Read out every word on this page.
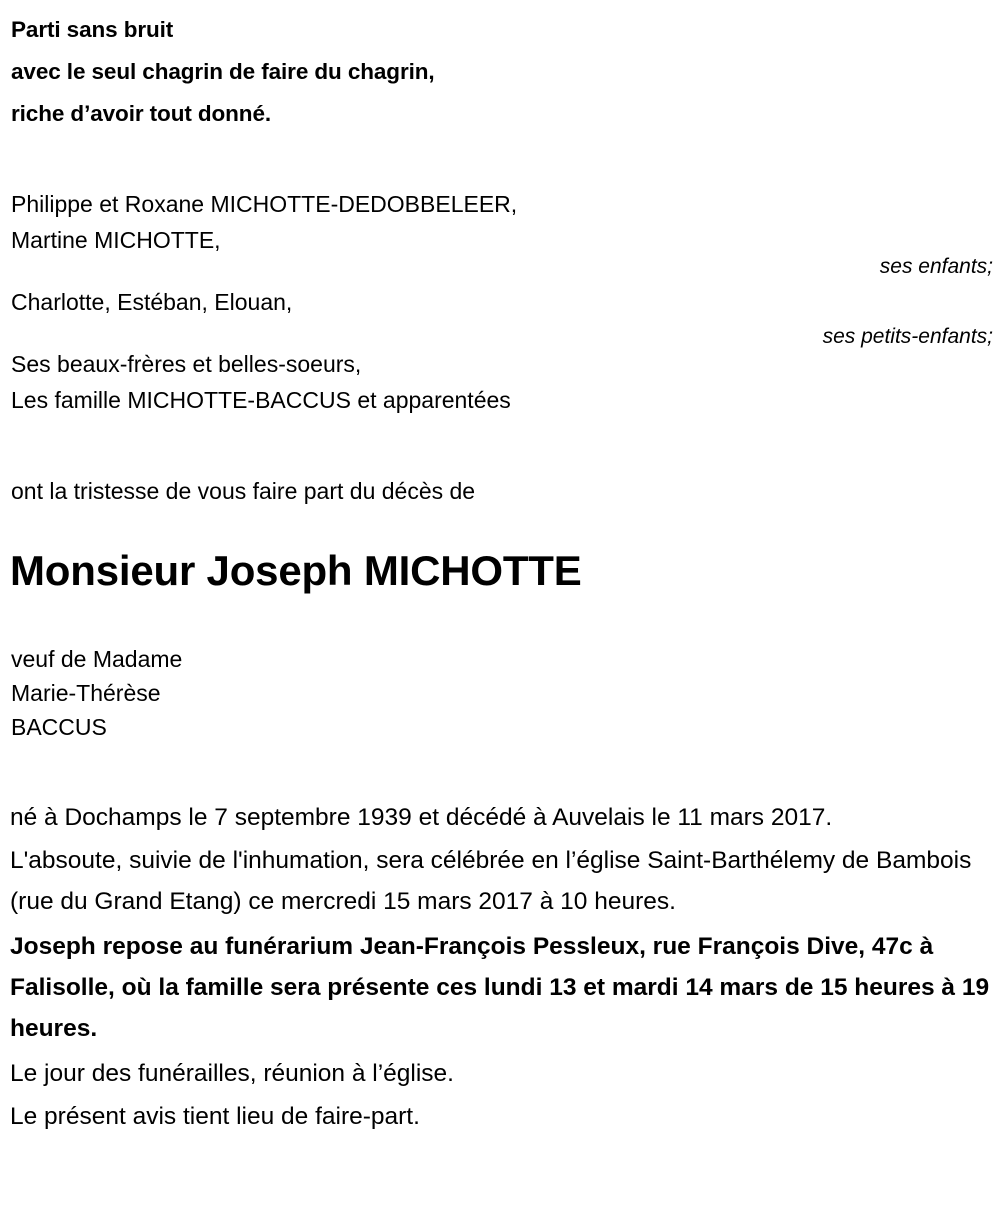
Parti sans bruit
avec le seul chagrin de faire du chagrin,
riche d’avoir tout donné.
Philippe et Roxane MICHOTTE-DEDOBBELEER,
Martine MICHOTTE,
Charlotte, Estéban, Elouan,
Ses beaux-frères et belles-soeurs,
Les famille MICHOTTE-BACCUS et apparentées
ses enfants;
ses petits-enfants;
ont la tristesse de vous faire part du décès de
Monsieur Joseph MICHOTTE
veuf de Madame
Marie-Thérèse
BACCUS

né à Dochamps le 7 septembre 1939 et décédé à Auvelais le 11 mars 2017.

L'absoute, suivie de l'inhumation, sera célébrée en l’église Saint-Barthélemy de Bambois (rue du Grand Etang) ce mercredi 15 mars 2017 à 10 heures.

Joseph repose au funérarium Jean-François Pessleux, rue François Dive, 47c à Falisolle, où la famille sera présente ces lundi 13 et mardi 14 mars de 15 heures à 19 heures.

Le jour des funérailles, réunion à l’église.

Le présent avis tient lieu de faire-part.
